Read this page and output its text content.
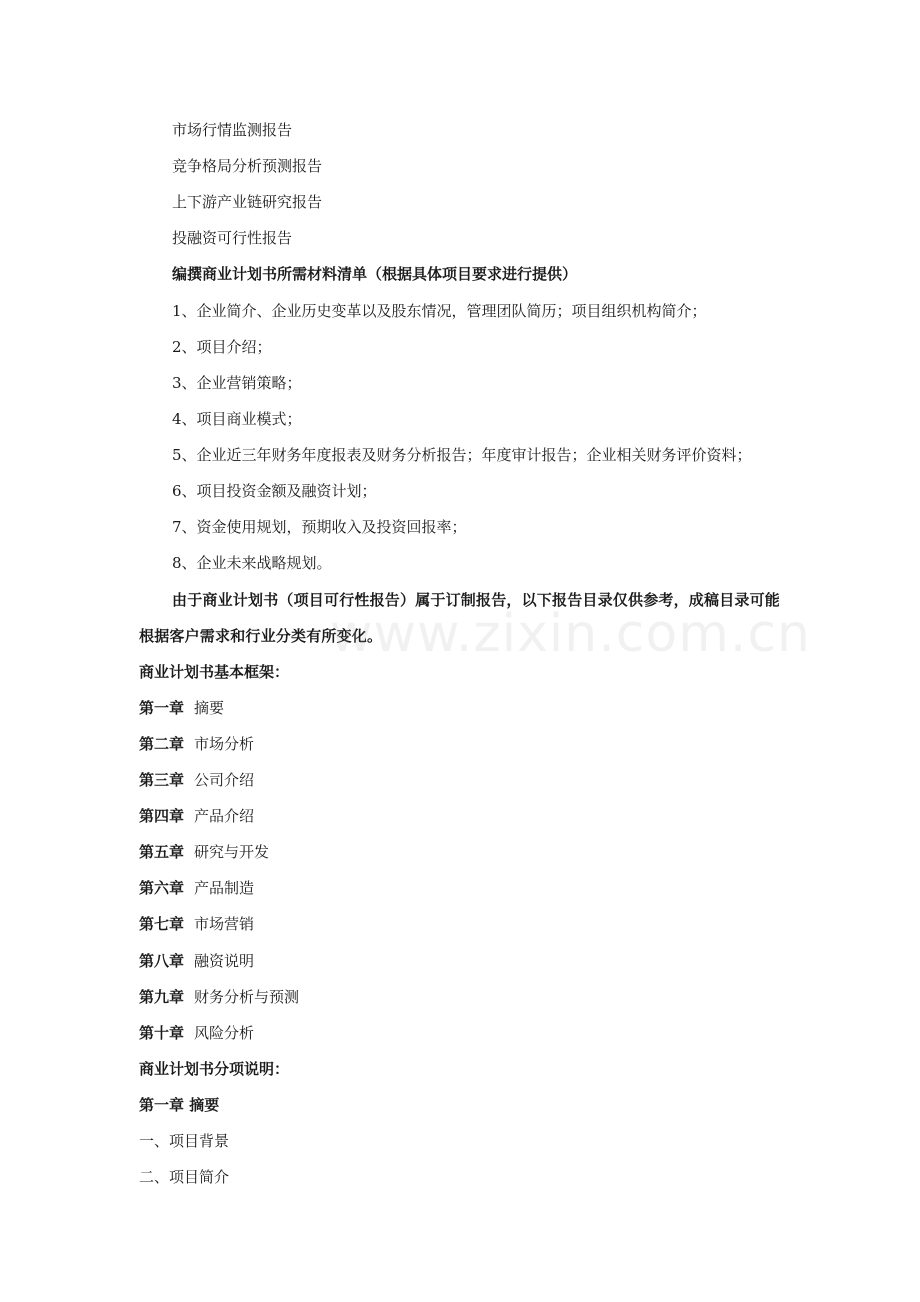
市场行情监测报告
竞争格局分析预测报告
上下游产业链研究报告
投融资可行性报告
编撰商业计划书所需材料清单（根据具体项目要求进行提供）
1、企业简介、企业历史变革以及股东情况，管理团队简历；项目组织机构简介；
2、项目介绍；
3、企业营销策略；
4、项目商业模式；
5、企业近三年财务年度报表及财务分析报告；年度审计报告；企业相关财务评价资料；
6、项目投资金额及融资计划；
7、资金使用规划，预期收入及投资回报率；
8、企业未来战略规划。
由于商业计划书（项目可行性报告）属于订制报告，以下报告目录仅供参考，成稿目录可能根据客户需求和行业分类有所变化。
www.zixin.com.cn
商业计划书基本框架：
第一章 摘要
第二章 市场分析
第三章 公司介绍
第四章 产品介绍
第五章 研究与开发
第六章 产品制造
第七章 市场营销
第八章 融资说明
第九章 财务分析与预测
第十章 风险分析
商业计划书分项说明：
第一章 摘要
一、项目背景
二、项目简介
